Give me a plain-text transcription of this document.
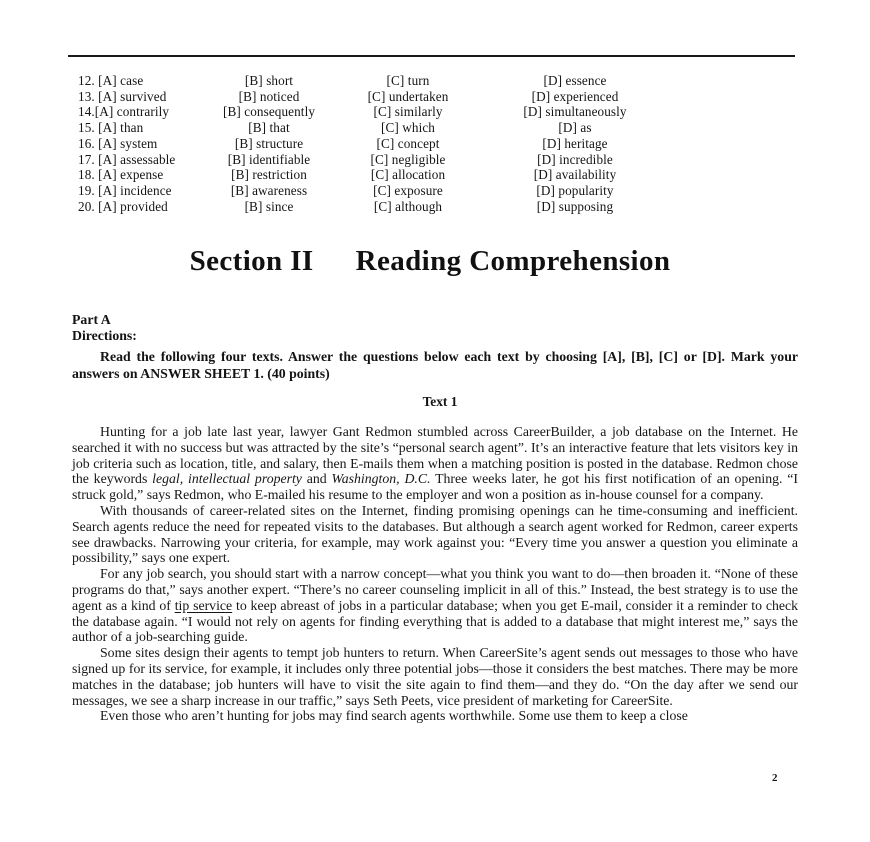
12. [A] case	[B] short	[C] turn	[D] essence
13. [A] survived	[B] noticed	[C] undertaken	[D] experienced
14.[A] contrarily	[B] consequently	[C] similarly	[D] simultaneously
15. [A] than	[B] that	[C] which	[D] as
16. [A] system	[B] structure	[C] concept	[D] heritage
17. [A] assessable	[B] identifiable	[C] negligible	[D] incredible
18. [A] expense	[B] restriction	[C] allocation	[D] availability
19. [A] incidence	[B] awareness	[C] exposure	[D] popularity
20. [A] provided	[B] since	[C] although	[D] supposing
Section II Reading Comprehension
Part A
Directions:

Read the following four texts. Answer the questions below each text by choosing [A], [B], [C] or [D]. Mark your answers on ANSWER SHEET 1. (40 points)

Text 1

Hunting for a job late last year, lawyer Gant Redmon stumbled across CareerBuilder, a job database on the Internet. He searched it with no success but was attracted by the site’s “personal search agent”. It’s an interactive feature that lets visitors key in job criteria such as location, title, and salary, then E-mails them when a matching position is posted in the database. Redmon chose the keywords legal, intellectual property and Washington, D.C. Three weeks later, he got his first notification of an opening. “I struck gold,” says Redmon, who E-mailed his resume to the employer and won a position as in-house counsel for a company.

With thousands of career-related sites on the Internet, finding promising openings can he time-consuming and inefficient. Search agents reduce the need for repeated visits to the databases. But although a search agent worked for Redmon, career experts see drawbacks. Narrowing your criteria, for example, may work against you: “Every time you answer a question you eliminate a possibility,” says one expert.

For any job search, you should start with a narrow concept—what you think you want to do—then broaden it. “None of these programs do that,” says another expert. “There’s no career counseling implicit in all of this.” Instead, the best strategy is to use the agent as a kind of tip service to keep abreast of jobs in a particular database; when you get E-mail, consider it a reminder to check the database again. “I would not rely on agents for finding everything that is added to a database that might interest me,” says the author of a job-searching guide.

Some sites design their agents to tempt job hunters to return. When CareerSite’s agent sends out messages to those who have signed up for its service, for example, it includes only three potential jobs—those it considers the best matches. There may be more matches in the database; job hunters will have to visit the site again to find them—and they do. “On the day after we send our messages, we see a sharp increase in our traffic,” says Seth Peets, vice president of marketing for CareerSite.

Even those who aren’t hunting for jobs may find search agents worthwhile. Some use them to keep a close

2
